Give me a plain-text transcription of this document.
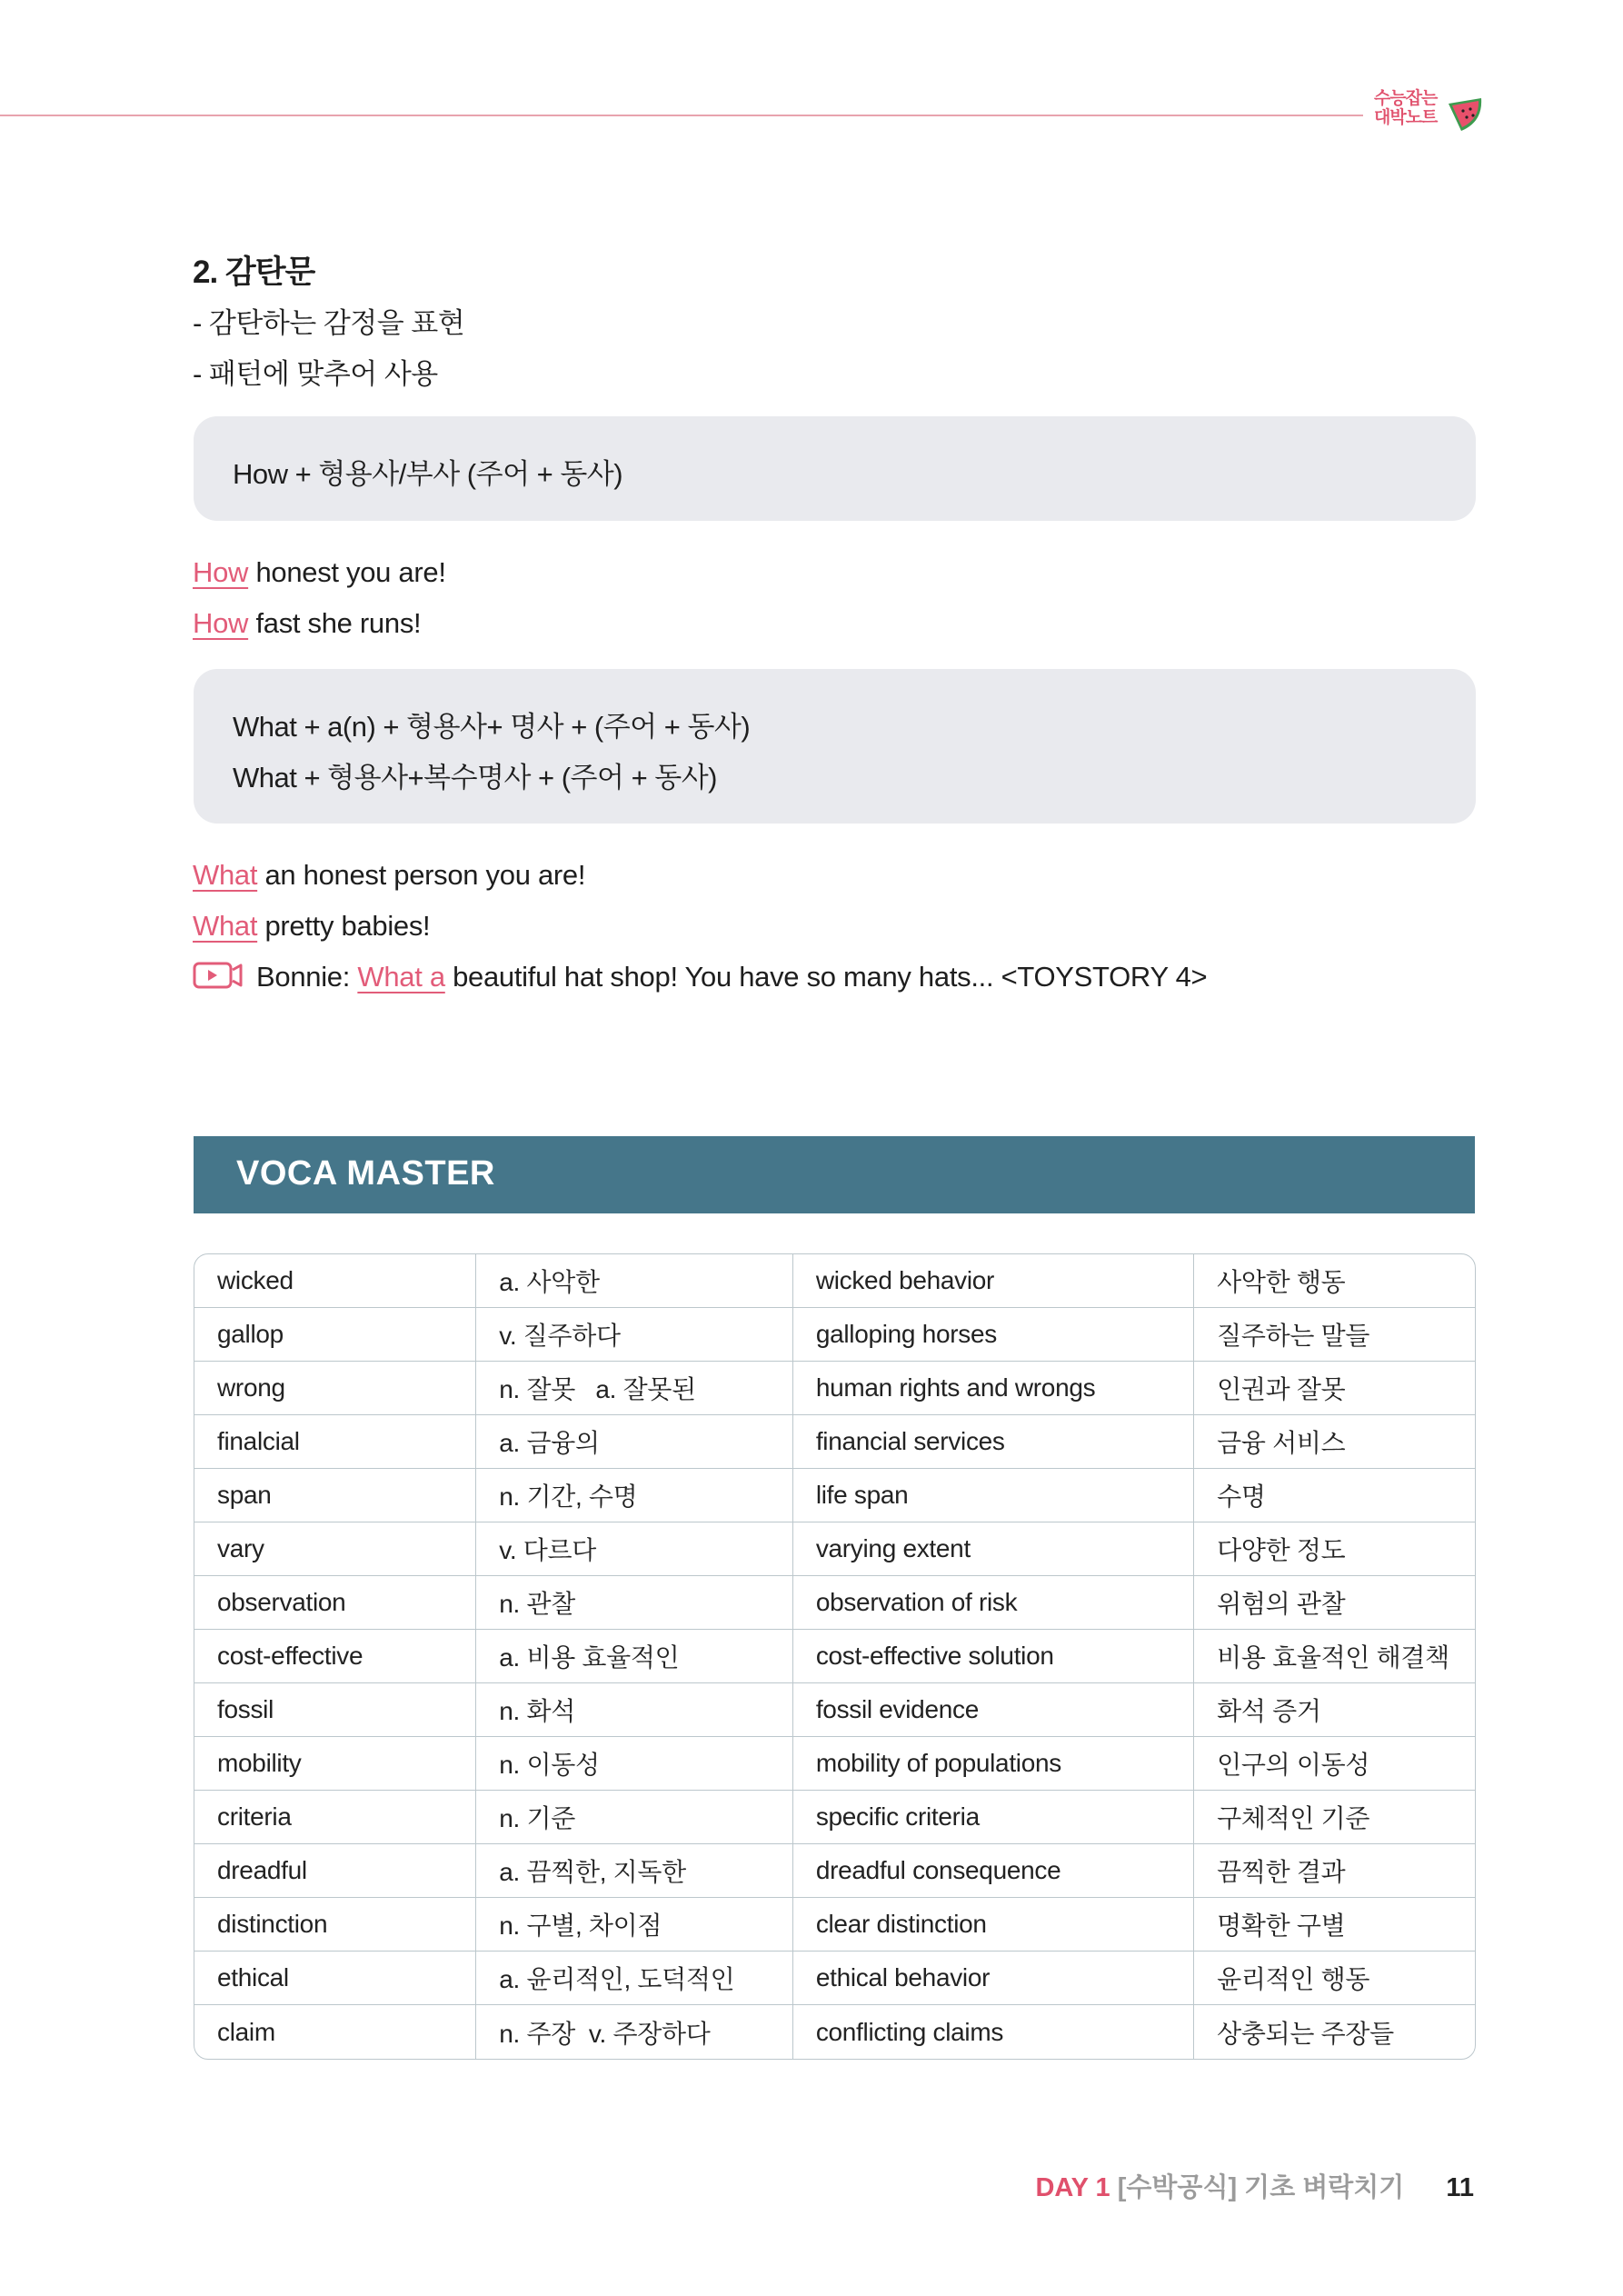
수능잡는
대박노트
2. 감탄문
- 감탄하는 감정을 표현
- 패턴에 맞추어 사용
How + 형용사/부사 (주어 + 동사)
How honest you are!
How fast she runs!
What + a(n) + 형용사+ 명사 + (주어 + 동사)
What + 형용사+복수명사 + (주어 + 동사)
What an honest person you are!
What pretty babies!
Bonnie: What a beautiful hat shop! You have so many hats... <TOYSTORY 4>
VOCA MASTER
wicked	a. 사악한	wicked behavior	사악한 행동
gallop	v. 질주하다	galloping horses	질주하는 말들
wrong	n. 잘못   a. 잘못된	human rights and wrongs	인권과 잘못
finalcial	a. 금융의	financial services	금융 서비스
span	n. 기간, 수명	life span	수명
vary	v. 다르다	varying extent	다양한 정도
observation	n. 관찰	observation of risk	위험의 관찰
cost-effective	a. 비용 효율적인	cost-effective solution	비용 효율적인 해결책
fossil	n. 화석	fossil evidence	화석 증거
mobility	n. 이동성	mobility of populations	인구의 이동성
criteria	n. 기준	specific criteria	구체적인 기준
dreadful	a. 끔찍한, 지독한	dreadful consequence	끔찍한 결과
distinction	n. 구별, 차이점	clear distinction	명확한 구별
ethical	a. 윤리적인, 도덕적인	ethical behavior	윤리적인 행동
claim	n. 주장  v. 주장하다	conflicting claims	상충되는 주장들
DAY 1 [수박공식] 기초 벼락치기 11
